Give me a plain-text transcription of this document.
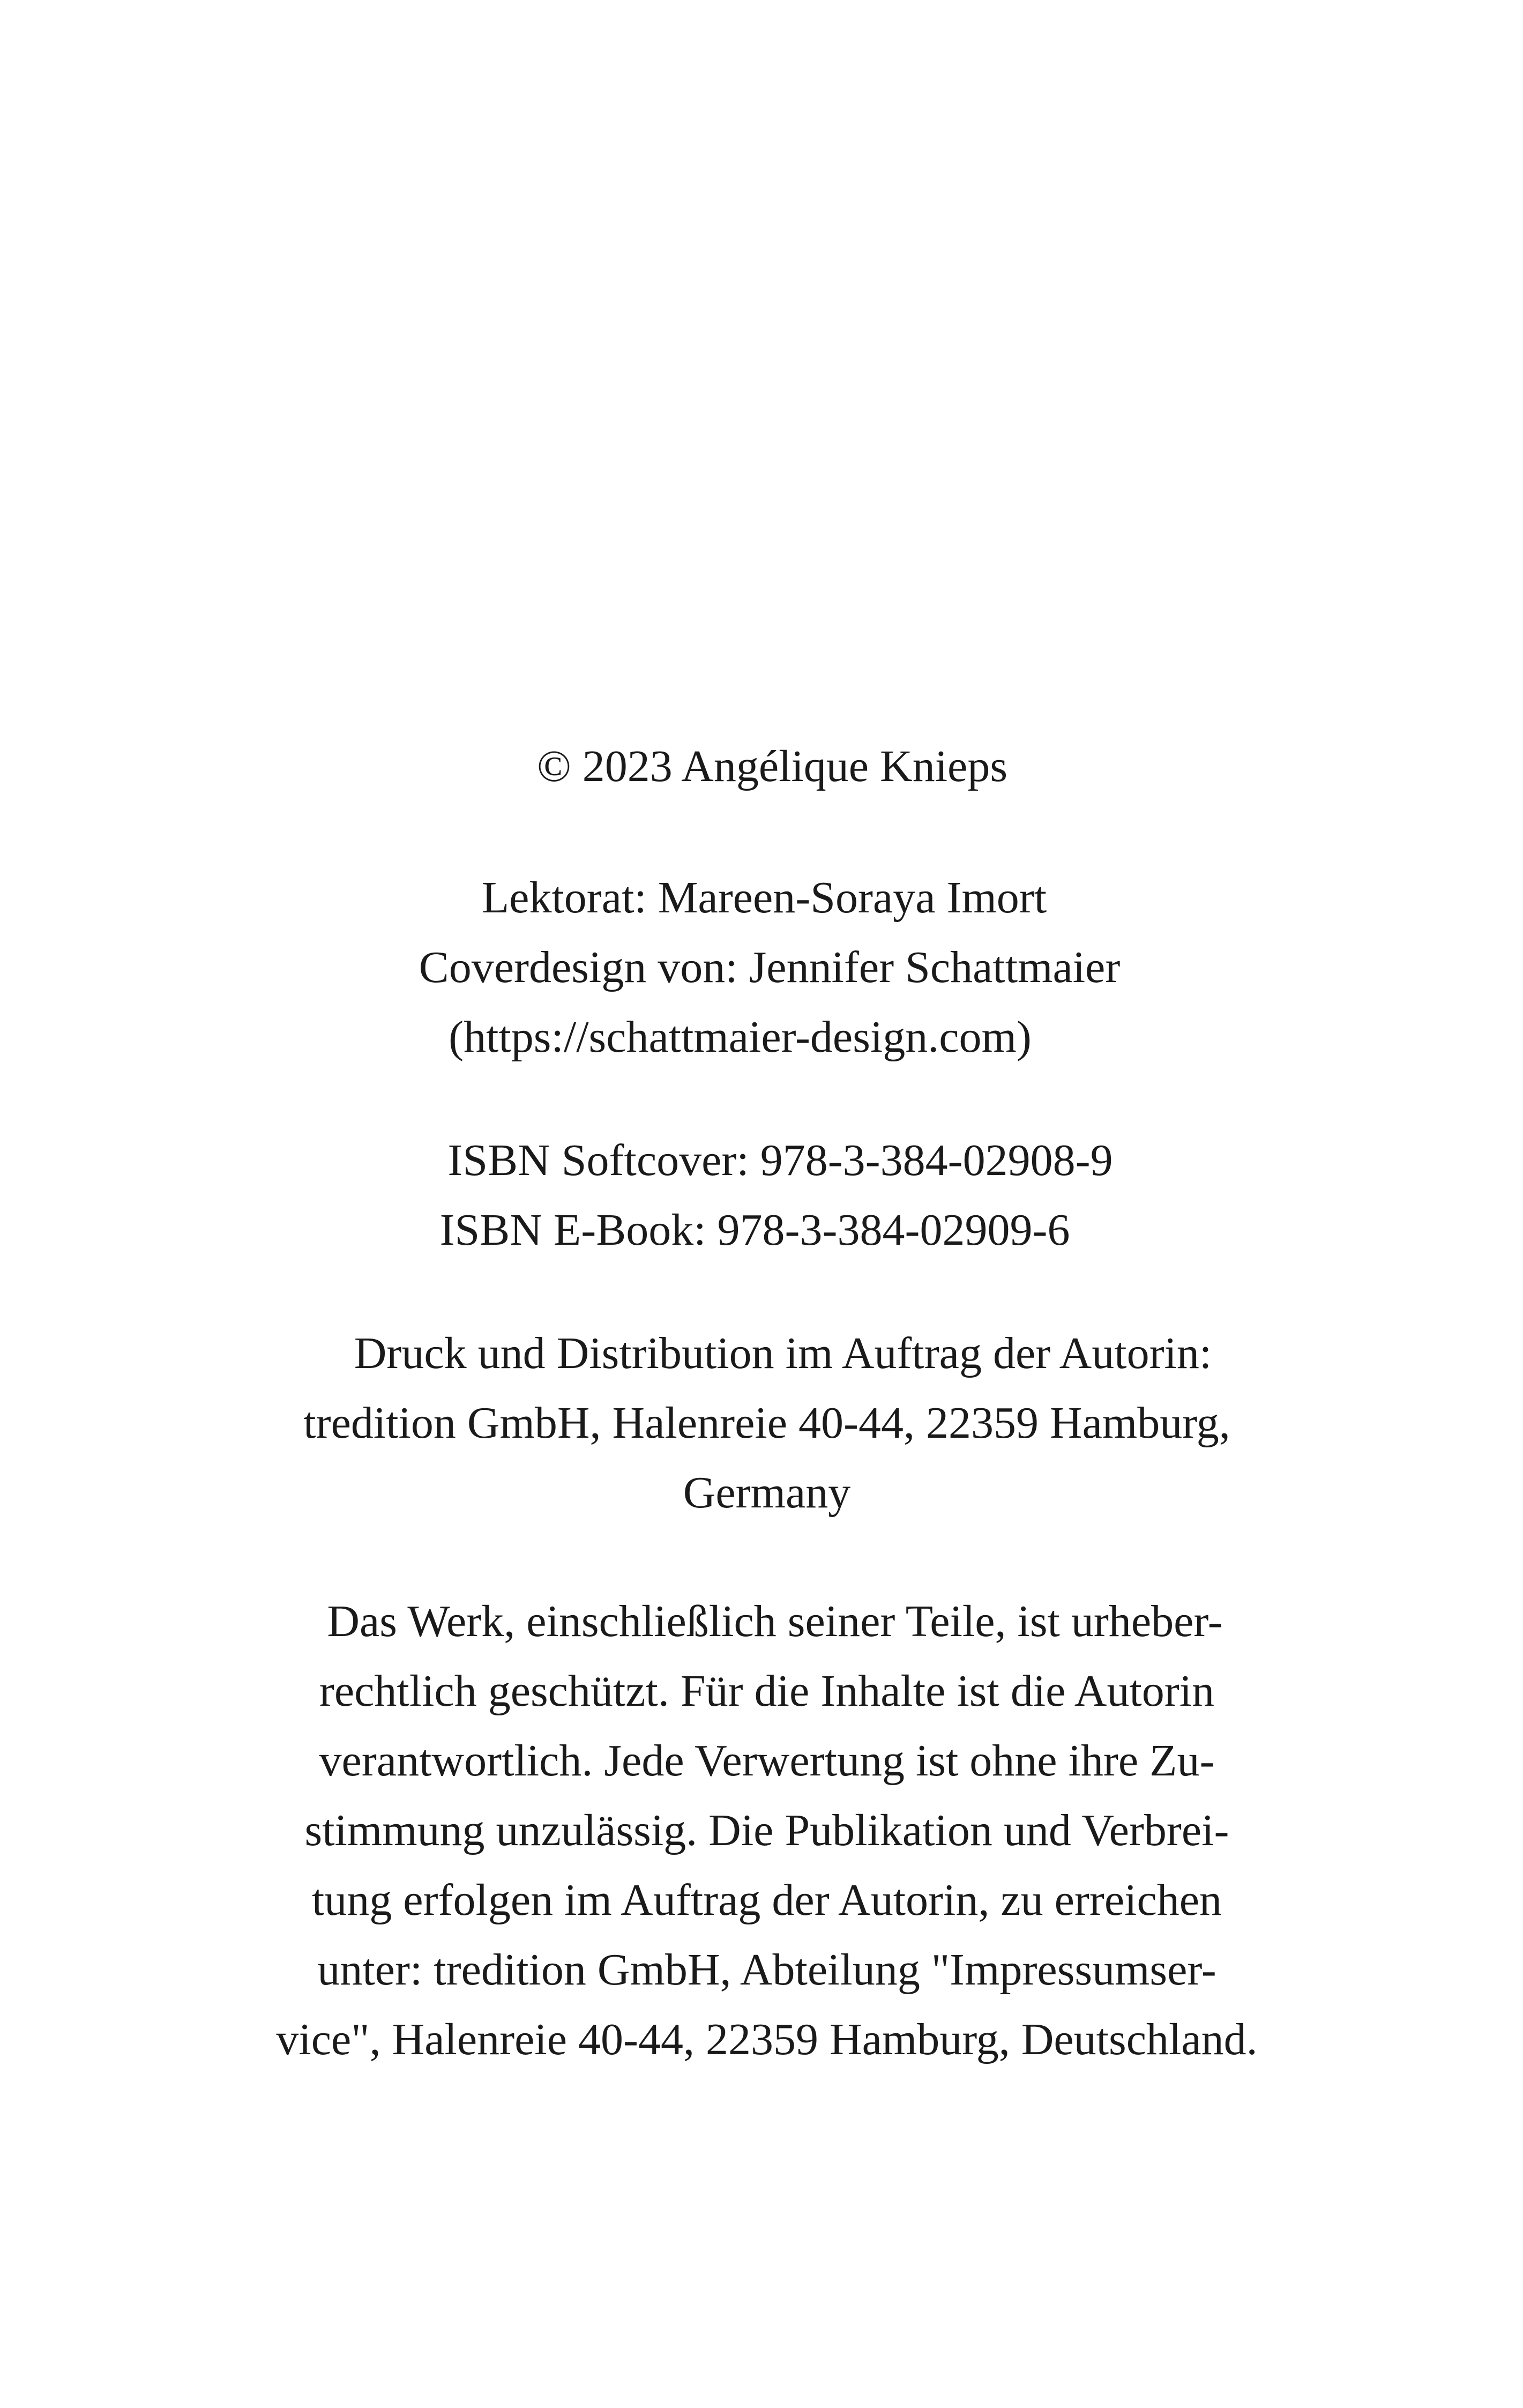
© 2023 Angélique Knieps
Lektorat: Mareen-Soraya Imort
Coverdesign von: Jennifer Schattmaier
(https://schattmaier-design.com)
ISBN Softcover: 978-3-384-02908-9
ISBN E-Book: 978-3-384-02909-6
Druck und Distribution im Auftrag der Autorin:
tredition GmbH, Halenreie 40-44, 22359 Hamburg,
Germany
Das Werk, einschließlich seiner Teile, ist urheber-
rechtlich geschützt. Für die Inhalte ist die Autorin
verantwortlich. Jede Verwertung ist ohne ihre Zu-
stimmung unzulässig. Die Publikation und Verbrei-
tung erfolgen im Auftrag der Autorin, zu erreichen
unter: tredition GmbH, Abteilung "Impressumser-
vice", Halenreie 40-44, 22359 Hamburg, Deutschland.
